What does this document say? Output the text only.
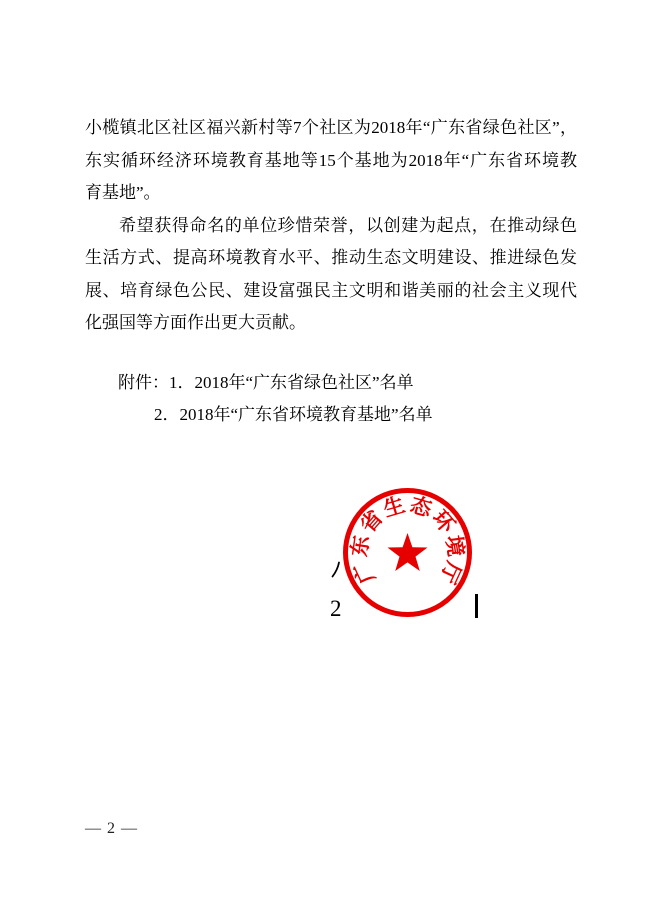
小榄镇北区社区福兴新村等7个社区为2018年“广东省绿色社区”，
东实循环经济环境教育基地等15个基地为2018年“广东省环境教
育基地”。
希望获得命名的单位珍惜荣誉，以创建为起点，在推动绿色
生活方式、提高环境教育水平、推动生态文明建设、推进绿色发
展、培育绿色公民、建设富强民主文明和谐美丽的社会主义现代
化强国等方面作出更大贡献。
附件：1．2018年“广东省绿色社区”名单
2．2018年“广东省环境教育基地”名单
广
东
省
生 态
环
境
厅
2
— 2 —
